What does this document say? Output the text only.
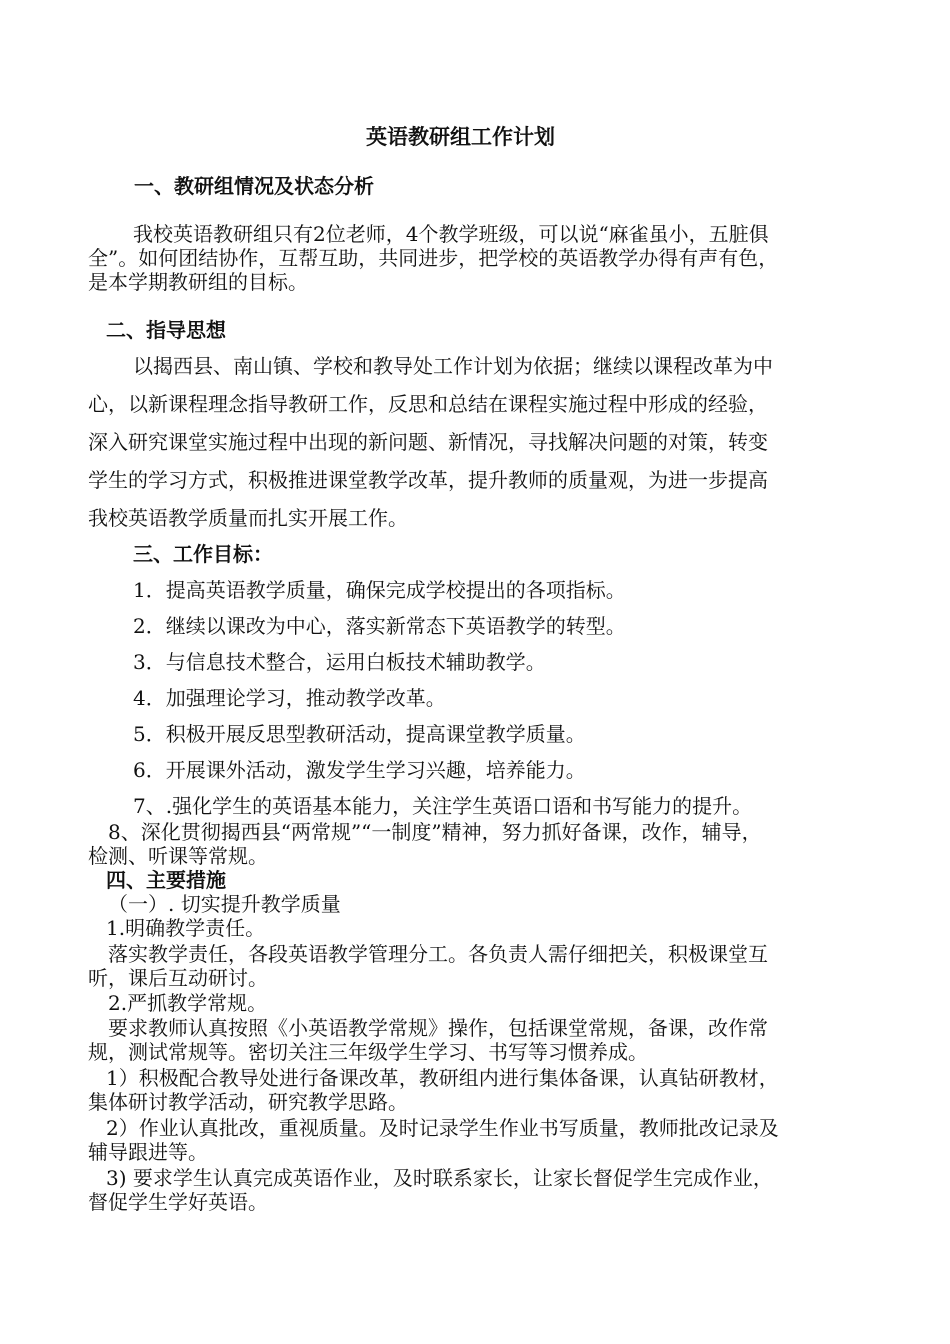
英语教研组工作计划
一、教研组情况及状态分析
我校英语教研组只有2位老师，4个教学班级，可以说“麻雀虽小，五脏俱
全”。如何团结协作，互帮互助，共同进步，把学校的英语教学办得有声有色，
是本学期教研组的目标。
二、指导思想
以揭西县、南山镇、学校和教导处工作计划为依据；继续以课程改革为中
心，以新课程理念指导教研工作，反思和总结在课程实施过程中形成的经验，
深入研究课堂实施过程中出现的新问题、新情况，寻找解决问题的对策，转变
学生的学习方式，积极推进课堂教学改革，提升教师的质量观，为进一步提高
我校英语教学质量而扎实开展工作。
三、工作目标：
1．提高英语教学质量，确保完成学校提出的各项指标。
2．继续以课改为中心，落实新常态下英语教学的转型。
3．与信息技术整合，运用白板技术辅助教学。
4．加强理论学习，推动教学改革。
5．积极开展反思型教研活动，提高课堂教学质量。
6．开展课外活动，激发学生学习兴趣，培养能力。
7、.强化学生的英语基本能力，关注学生英语口语和书写能力的提升。
8、深化贯彻揭西县“两常规”“一制度”精神，努力抓好备课，改作，辅导，
检测、听课等常规。
四、主要措施
（一）. 切实提升教学质量
1.明确教学责任。
落实教学责任，各段英语教学管理分工。各负责人需仔细把关，积极课堂互
听，课后互动研讨。
2.严抓教学常规。
要求教师认真按照《小英语教学常规》操作，包括课堂常规，备课，改作常
规，测试常规等。密切关注三年级学生学习、书写等习惯养成。
1）积极配合教导处进行备课改革，教研组内进行集体备课，认真钻研教材，
集体研讨教学活动，研究教学思路。
2）作业认真批改，重视质量。及时记录学生作业书写质量，教师批改记录及
辅导跟进等。
3) 要求学生认真完成英语作业，及时联系家长，让家长督促学生完成作业，
督促学生学好英语。
